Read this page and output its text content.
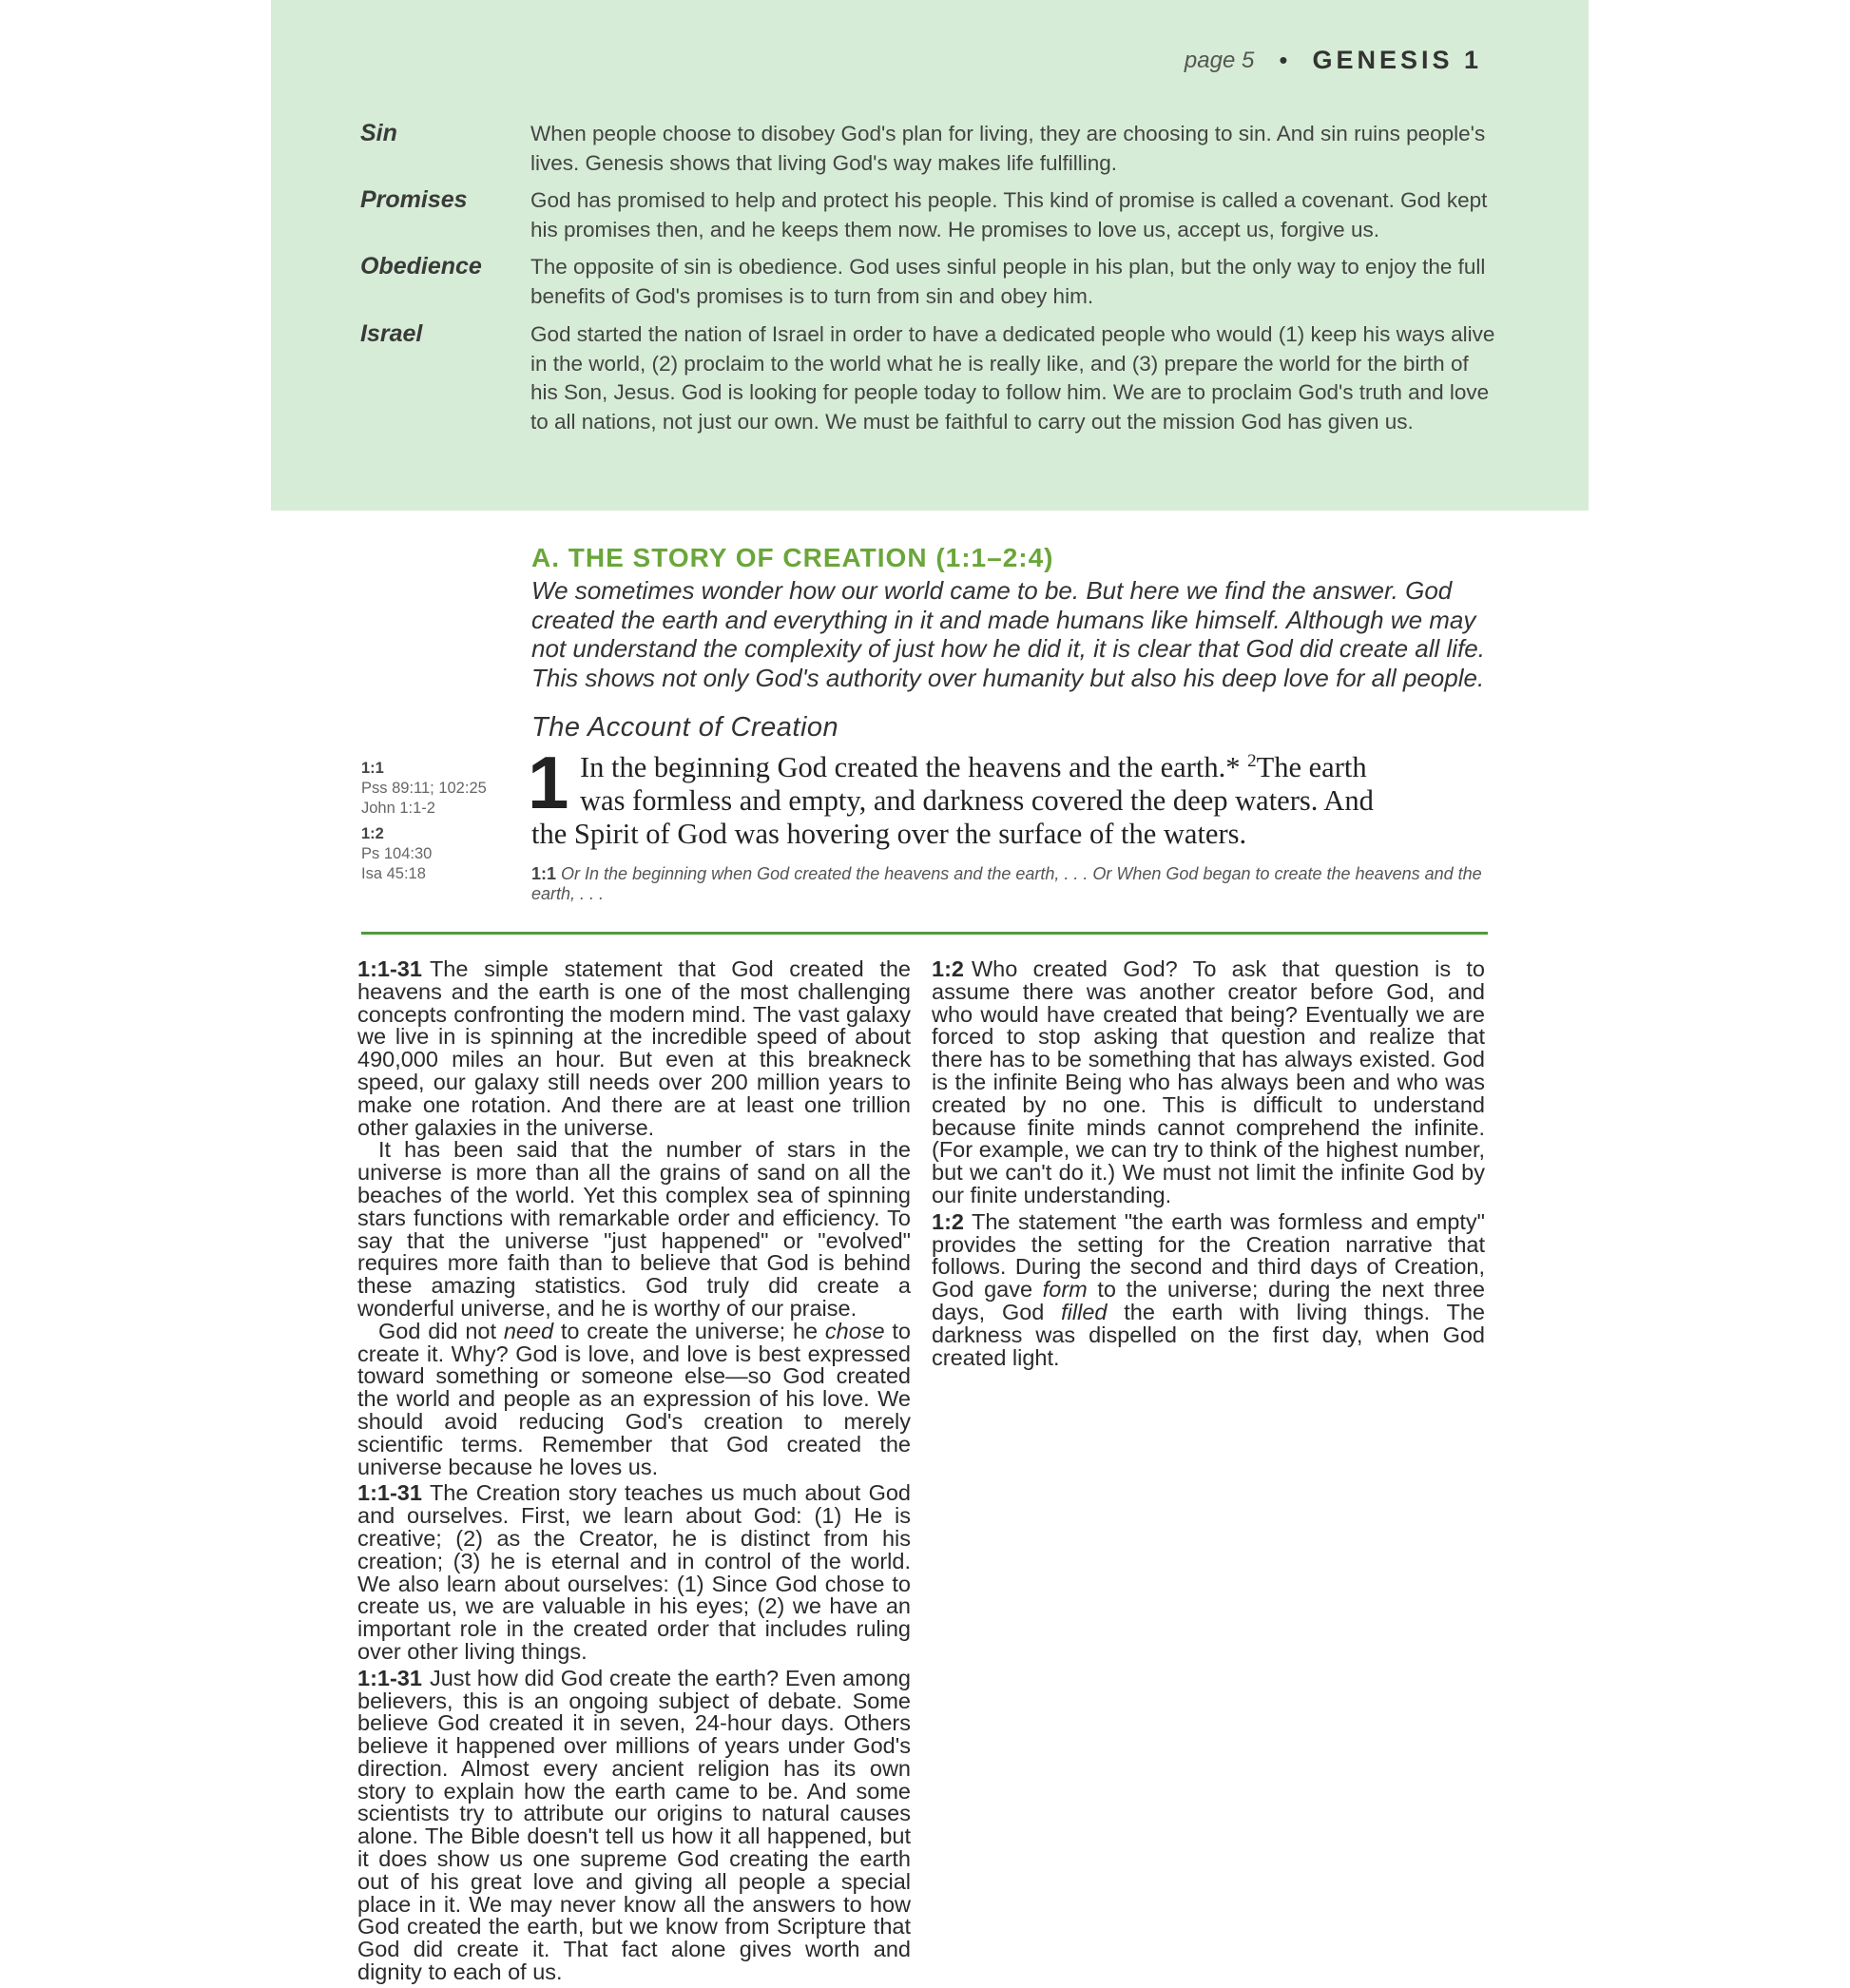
page 5 • GENESIS 1
Sin	When people choose to disobey God's plan for living, they are choosing to sin. And sin ruins people's lives. Genesis shows that living God's way makes life fulfilling.
Promises	God has promised to help and protect his people. This kind of promise is called a covenant. God kept his promises then, and he keeps them now. He promises to love us, accept us, forgive us.
Obedience	The opposite of sin is obedience. God uses sinful people in his plan, but the only way to enjoy the full benefits of God's promises is to turn from sin and obey him.
Israel	God started the nation of Israel in order to have a dedicated people who would (1) keep his ways alive in the world, (2) proclaim to the world what he is really like, and (3) prepare the world for the birth of his Son, Jesus. God is looking for people today to follow him. We are to proclaim God's truth and love to all nations, not just our own. We must be faithful to carry out the mission God has given us.
A. THE STORY OF CREATION (1:1–2:4)
We sometimes wonder how our world came to be. But here we find the answer. God created the earth and everything in it and made humans like himself. Although we may not understand the complexity of just how he did it, it is clear that God did create all life. This shows not only God's authority over humanity but also his deep love for all people.
The Account of Creation
1:1
Pss 89:11; 102:25
John 1:1-2
1:2
Ps 104:30
Isa 45:18
1 In the beginning God created the heavens and the earth.* $^2$The earth
was formless and empty, and darkness covered the deep waters. And
the Spirit of God was hovering over the surface of the waters.
1:1 Or In the beginning when God created the heavens and the earth, . . . Or When God began to create the heavens and the earth, . . .

1:1-31 The simple statement that God created the heavens and the earth is one of the most challenging concepts confronting the modern mind. The vast galaxy we live in is spinning at the incredible speed of about 490,000 miles an hour. But even at this breakneck speed, our galaxy still needs over 200 million years to make one rotation. And there are at least one trillion other galaxies in the universe.

It has been said that the number of stars in the universe is more than all the grains of sand on all the beaches of the world. Yet this complex sea of spinning stars functions with remarkable order and efficiency. To say that the universe "just happened" or "evolved" requires more faith than to believe that God is behind these amazing statistics. God truly did create a wonderful universe, and he is worthy of our praise.

God did not need to create the universe; he chose to create it. Why? God is love, and love is best expressed toward something or someone else—so God created the world and people as an expression of his love. We should avoid reducing God's creation to merely scientific terms. Remember that God created the universe because he loves us.

1:1-31 The Creation story teaches us much about God and ourselves. First, we learn about God: (1) He is creative; (2) as the Creator, he is distinct from his creation; (3) he is eternal and in control of the world. We also learn about ourselves: (1) Since God chose to create us, we are valuable in his eyes; (2) we have an important role in the created order that includes ruling over other living things.

1:1-31 Just how did God create the earth? Even among believers, this is an ongoing subject of debate. Some believe God created it in seven, 24-hour days. Others believe it happened over millions of years under God's direction. Almost every ancient religion has its own story to explain how the earth came to be. And some scientists try to attribute our origins to natural causes alone. The Bible doesn't tell us how it all happened, but it does show us one supreme God creating the earth out of his great love and giving all people a special place in it. We may never know all the answers to how God created the earth, but we know from Scripture that God did create it. That fact alone gives worth and dignity to each of us.

1:2 Who created God? To ask that question is to assume there was another creator before God, and who would have created that being? Eventually we are forced to stop asking that question and realize that there has to be something that has always existed. God is the infinite Being who has always been and who was created by no one. This is difficult to understand because finite minds cannot comprehend the infinite. (For example, we can try to think of the highest number, but we can't do it.) We must not limit the infinite God by our finite understanding.

1:2 The statement "the earth was formless and empty" provides the setting for the Creation narrative that follows. During the second and third days of Creation, God gave form to the universe; during the next three days, God filled the earth with living things. The darkness was dispelled on the first day, when God created light.
